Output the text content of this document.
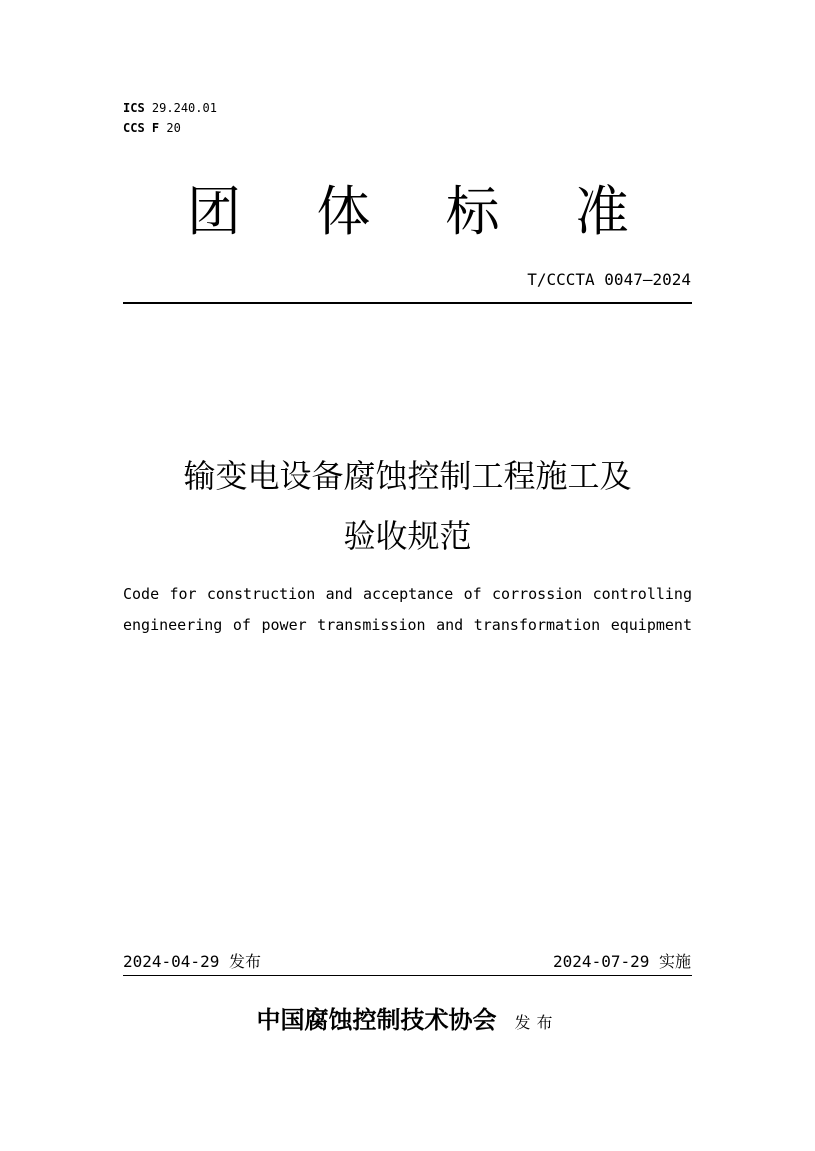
ICS 29.240.01
CCS F 20
团 体 标 准
T/CCCTA 0047—2024
输变电设备腐蚀控制工程施工及
验收规范
Code for construction and acceptance of corrossion controlling
engineering of power transmission and transformation equipment
2024-04-29 发布	2024-07-29 实施
中国腐蚀控制技术协会 发布
